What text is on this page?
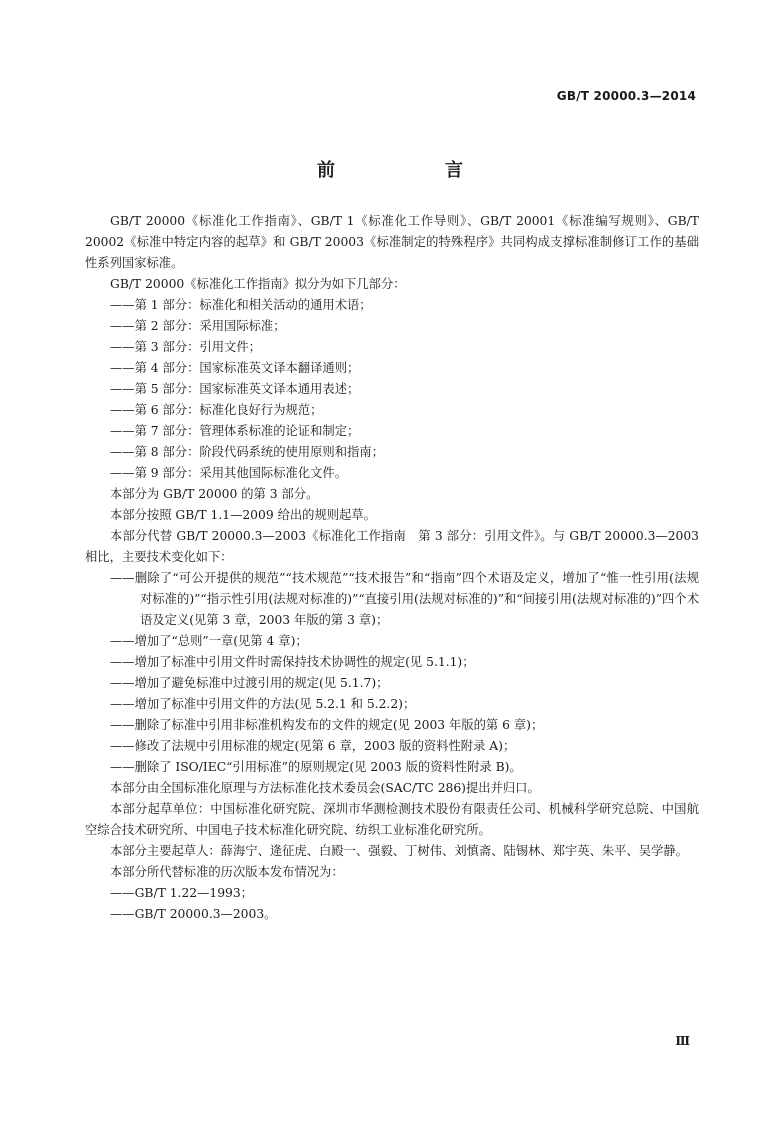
GB/T 20000.3—2014
前　言

GB/T 20000《标准化工作指南》、GB/T 1《标准化工作导则》、GB/T 20001《标准编写规则》、GB/T 20002《标准中特定内容的起草》和 GB/T 20003《标准制定的特殊程序》共同构成支撑标准制修订工作的基础性系列国家标准。

GB/T 20000《标准化工作指南》拟分为如下几部分：

——第 1 部分：标准化和相关活动的通用术语；

——第 2 部分：采用国际标准；

——第 3 部分：引用文件；

——第 4 部分：国家标准英文译本翻译通则；

——第 5 部分：国家标准英文译本通用表述；

——第 6 部分：标准化良好行为规范；

——第 7 部分：管理体系标准的论证和制定；

——第 8 部分：阶段代码系统的使用原则和指南；

——第 9 部分：采用其他国际标准化文件。

本部分为 GB/T 20000 的第 3 部分。

本部分按照 GB/T 1.1—2009 给出的规则起草。

本部分代替 GB/T 20000.3—2003《标准化工作指南　第 3 部分：引用文件》。与 GB/T 20000.3—2003 相比，主要技术变化如下：

——删除了“可公开提供的规范”“技术规范”“技术报告”和“指南”四个术语及定义，增加了“惟一性引用(法规对标准的)”“指示性引用(法规对标准的)”“直接引用(法规对标准的)”和“间接引用(法规对标准的)”四个术语及定义(见第 3 章，2003 年版的第 3 章)；

——增加了“总则”一章(见第 4 章)；

——增加了标准中引用文件时需保持技术协调性的规定(见 5.1.1)；

——增加了避免标准中过渡引用的规定(见 5.1.7)；

——增加了标准中引用文件的方法(见 5.2.1 和 5.2.2)；

——删除了标准中引用非标准机构发布的文件的规定(见 2003 年版的第 6 章)；

——修改了法规中引用标准的规定(见第 6 章，2003 版的资料性附录 A)；

——删除了 ISO/IEC“引用标准”的原则规定(见 2003 版的资料性附录 B)。

本部分由全国标准化原理与方法标准化技术委员会(SAC/TC 286)提出并归口。

本部分起草单位：中国标准化研究院、深圳市华测检测技术股份有限责任公司、机械科学研究总院、中国航空综合技术研究所、中国电子技术标准化研究院、纺织工业标准化研究所。

本部分主要起草人：薛海宁、逄征虎、白殿一、强毅、丁树伟、刘慎斋、陆锡林、郑宇英、朱平、吴学静。

本部分所代替标准的历次版本发布情况为：

——GB/T 1.22—1993；

——GB/T 20000.3—2003。

Ⅲ
